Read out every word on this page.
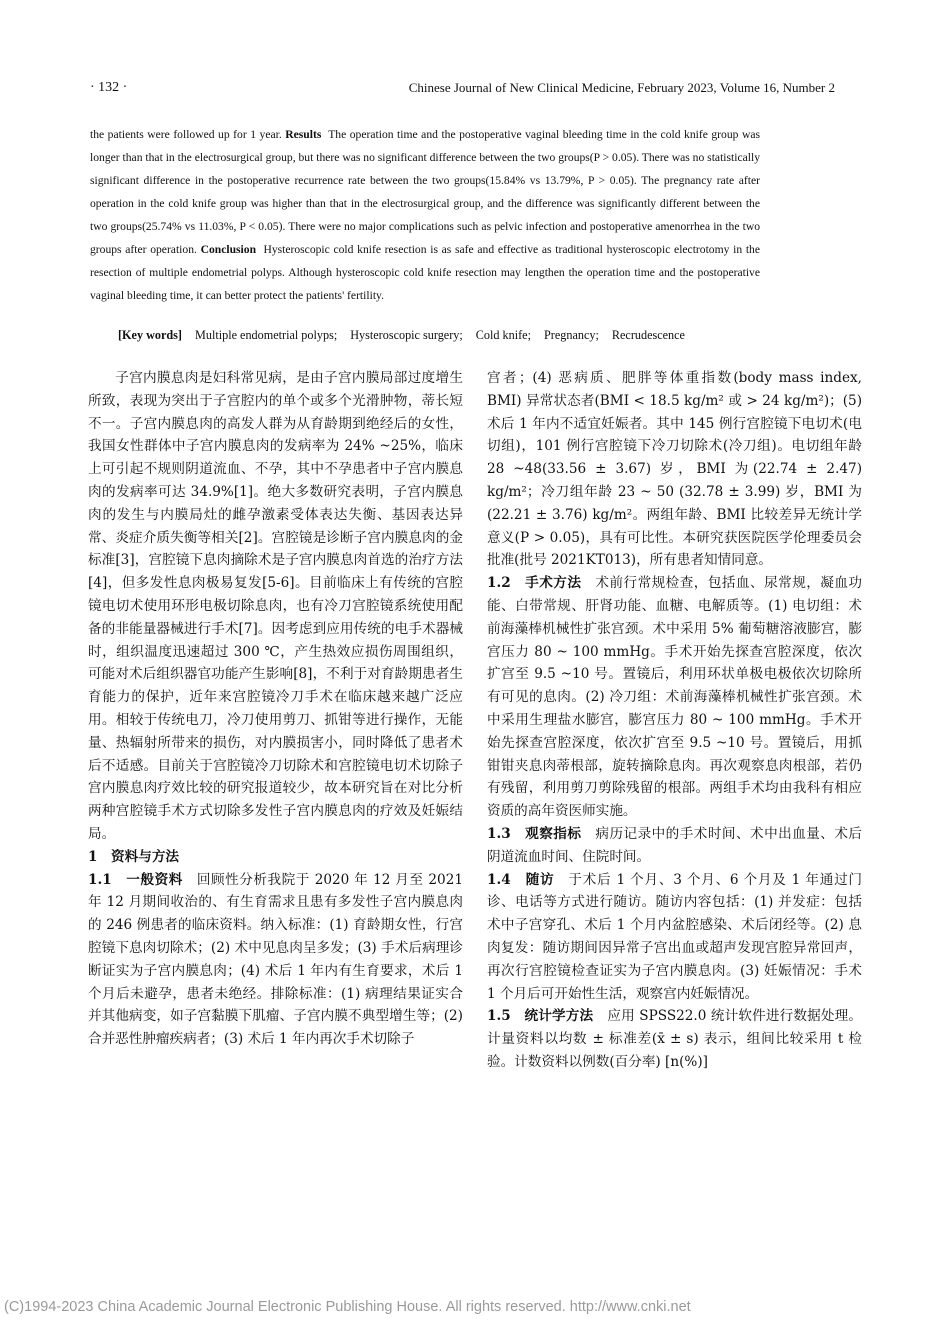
· 132 ·	Chinese Journal of New Clinical Medicine, February 2023, Volume 16, Number 2
the patients were followed up for 1 year. Results The operation time and the postoperative vaginal bleeding time in the cold knife group was longer than that in the electrosurgical group, but there was no significant difference between the two groups(P > 0.05). There was no statistically significant difference in the postoperative recurrence rate between the two groups(15.84% vs 13.79%, P > 0.05). The pregnancy rate after operation in the cold knife group was higher than that in the electrosurgical group, and the difference was significantly different between the two groups(25.74% vs 11.03%, P < 0.05). There were no major complications such as pelvic infection and postoperative amenorrhea in the two groups after operation. Conclusion Hysteroscopic cold knife resection is as safe and effective as traditional hysteroscopic electrotomy in the resection of multiple endometrial polyps. Although hysteroscopic cold knife resection may lengthen the operation time and the postoperative vaginal bleeding time, it can better protect the patients' fertility.
[Key words] Multiple endometrial polyps; Hysteroscopic surgery; Cold knife; Pregnancy; Recrudescence

子宫内膜息肉是妇科常见病，是由子宫内膜局部过度增生所致，表现为突出于子宫腔内的单个或多个光滑肿物，蒂长短不一。子宫内膜息肉的高发人群为从育龄期到绝经后的女性，我国女性群体中子宫内膜息肉的发病率为 24% ~25%，临床上可引起不规则阴道流血、不孕，其中不孕患者中子宫内膜息肉的发病率可达 34.9%[1]。绝大多数研究表明，子宫内膜息肉的发生与内膜局灶的雌孕激素受体表达失衡、基因表达异常、炎症介质失衡等相关[2]。宫腔镜是诊断子宫内膜息肉的金标准[3]，宫腔镜下息肉摘除术是子宫内膜息肉首选的治疗方法[4]，但多发性息肉极易复发[5-6]。目前临床上有传统的宫腔镜电切术使用环形电极切除息肉，也有冷刀宫腔镜系统使用配备的非能量器械进行手术[7]。因考虑到应用传统的电手术器械时，组织温度迅速超过 300 ℃，产生热效应损伤周围组织，可能对术后组织器官功能产生影响[8]，不利于对育龄期患者生育能力的保护，近年来宫腔镜冷刀手术在临床越来越广泛应用。相较于传统电刀，冷刀使用剪刀、抓钳等进行操作，无能量、热辐射所带来的损伤，对内膜损害小，同时降低了患者术后不适感。目前关于宫腔镜冷刀切除术和宫腔镜电切术切除子宫内膜息肉疗效比较的研究报道较少，故本研究旨在对比分析两种宫腔镜手术方式切除多发性子宫内膜息肉的疗效及妊娠结局。

1　资料与方法

1.1　一般资料 回顾性分析我院于 2020 年 12 月至 2021 年 12 月期间收治的、有生育需求且患有多发性子宫内膜息肉的 246 例患者的临床资料。纳入标准：(1) 育龄期女性，行宫腔镜下息肉切除术；(2) 术中见息肉呈多发；(3) 手术后病理诊断证实为子宫内膜息肉；(4) 术后 1 年内有生育要求，术后 1 个月后未避孕，患者未绝经。排除标准：(1) 病理结果证实合并其他病变，如子宫黏膜下肌瘤、子宫内膜不典型增生等；(2) 合并恶性肿瘤疾病者；(3) 术后 1 年内再次手术切除子

宫者；(4) 恶病质、肥胖等体重指数(body mass index, BMI) 异常状态者(BMI < 18.5 kg/m² 或 > 24 kg/m²)；(5) 术后 1 年内不适宜妊娠者。其中 145 例行宫腔镜下电切术(电切组)，101 例行宫腔镜下冷刀切除术(冷刀组)。电切组年龄 28 ~48(33.56 ± 3.67) 岁，BMI 为(22.74 ± 2.47) kg/m²；冷刀组年龄 23 ~ 50 (32.78 ± 3.99) 岁，BMI 为(22.21 ± 3.76) kg/m²。两组年龄、BMI 比较差异无统计学意义(P > 0.05)，具有可比性。本研究获医院医学伦理委员会批准(批号 2021KT013)，所有患者知情同意。

1.2　手术方法 术前行常规检查，包括血、尿常规，凝血功能、白带常规、肝肾功能、血糖、电解质等。(1) 电切组：术前海藻棒机械性扩张宫颈。术中采用 5% 葡萄糖溶液膨宫，膨宫压力 80 ~ 100 mmHg。手术开始先探查宫腔深度，依次扩宫至 9.5 ~10 号。置镜后，利用环状单极电极依次切除所有可见的息肉。(2) 冷刀组：术前海藻棒机械性扩张宫颈。术中采用生理盐水膨宫，膨宫压力 80 ~ 100 mmHg。手术开始先探查宫腔深度，依次扩宫至 9.5 ~10 号。置镜后，用抓钳钳夹息肉蒂根部，旋转摘除息肉。再次观察息肉根部，若仍有残留，利用剪刀剪除残留的根部。两组手术均由我科有相应资质的高年资医师实施。

1.3　观察指标 病历记录中的手术时间、术中出血量、术后阴道流血时间、住院时间。

1.4　随访 于术后 1 个月、3 个月、6 个月及 1 年通过门诊、电话等方式进行随访。随访内容包括：(1) 并发症：包括术中子宫穿孔、术后 1 个月内盆腔感染、术后闭经等。(2) 息肉复发：随访期间因异常子宫出血或超声发现宫腔异常回声，再次行宫腔镜检查证实为子宫内膜息肉。(3) 妊娠情况：手术 1 个月后可开始性生活，观察宫内妊娠情况。

1.5　统计学方法 应用 SPSS22.0 统计软件进行数据处理。计量资料以均数 ± 标准差(x̄ ± s) 表示，组间比较采用 t 检验。计数资料以例数(百分率) [n(%)]

(C)1994-2023 China Academic Journal Electronic Publishing House. All rights reserved. http://www.cnki.net
